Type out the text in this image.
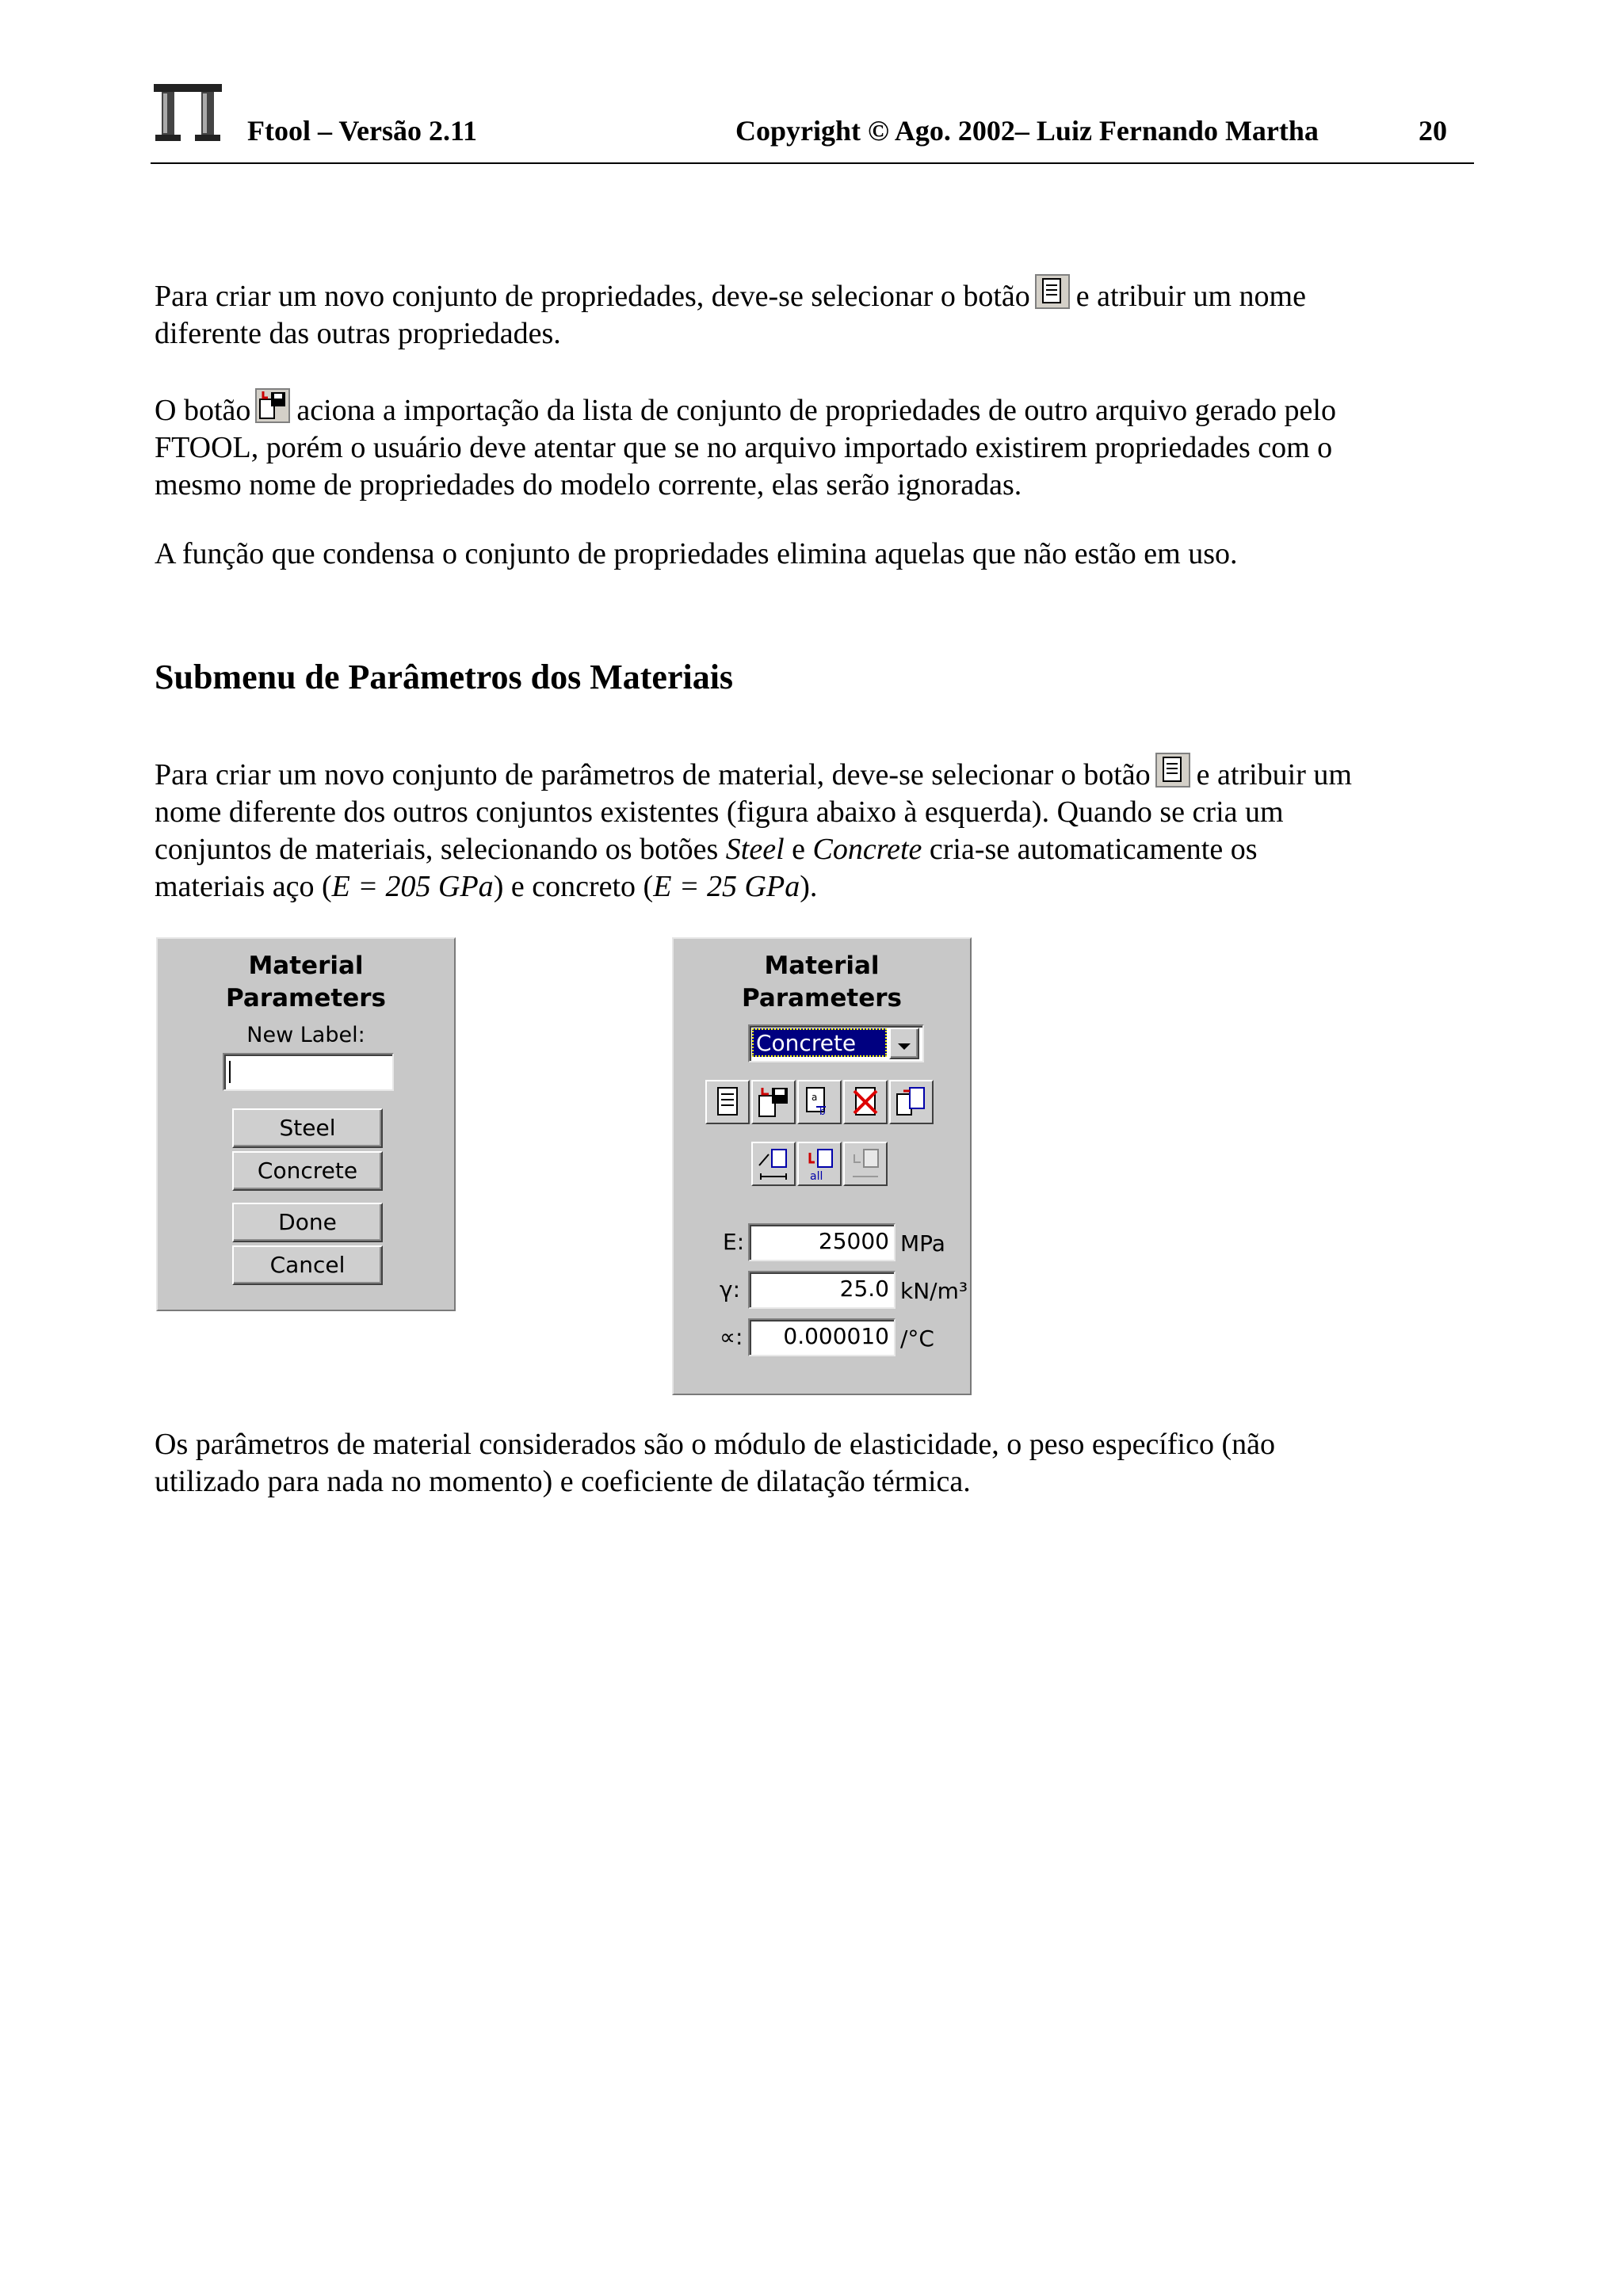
Ftool – Versão 2.11	Copyright © Ago. 2002– Luiz Fernando Martha	20
Para criar um novo conjunto de propriedades, deve-se selecionar o botão e atribuir um nome
diferente das outras propriedades.
O botão aciona a importação da lista de conjunto de propriedades de outro arquivo gerado pelo
FTOOL, porém o usuário deve atentar que se no arquivo importado existirem propriedades com o
mesmo nome de propriedades do modelo corrente, elas serão ignoradas.
A função que condensa o conjunto de propriedades elimina aquelas que não estão em uso.
Submenu de Parâmetros dos Materiais
Para criar um novo conjunto de parâmetros de material, deve-se selecionar o botão e atribuir um
nome diferente dos outros conjuntos existentes (figura abaixo à esquerda). Quando se cria um
conjuntos de materiais, selecionando os botões Steel e Concrete cria-se automaticamente os
materiais aço (E = 205 GPa) e concreto (E = 25 GPa).
Material
Parameters
New Label:
Steel
Concrete
Done
Cancel
Material
Parameters
Concrete
a
b
all
E:	25000 MPa
γ:	25.0 kN/m³
∝: 0.000010 /°C
Os parâmetros de material considerados são o módulo de elasticidade, o peso específico (não
utilizado para nada no momento) e coeficiente de dilatação térmica.
